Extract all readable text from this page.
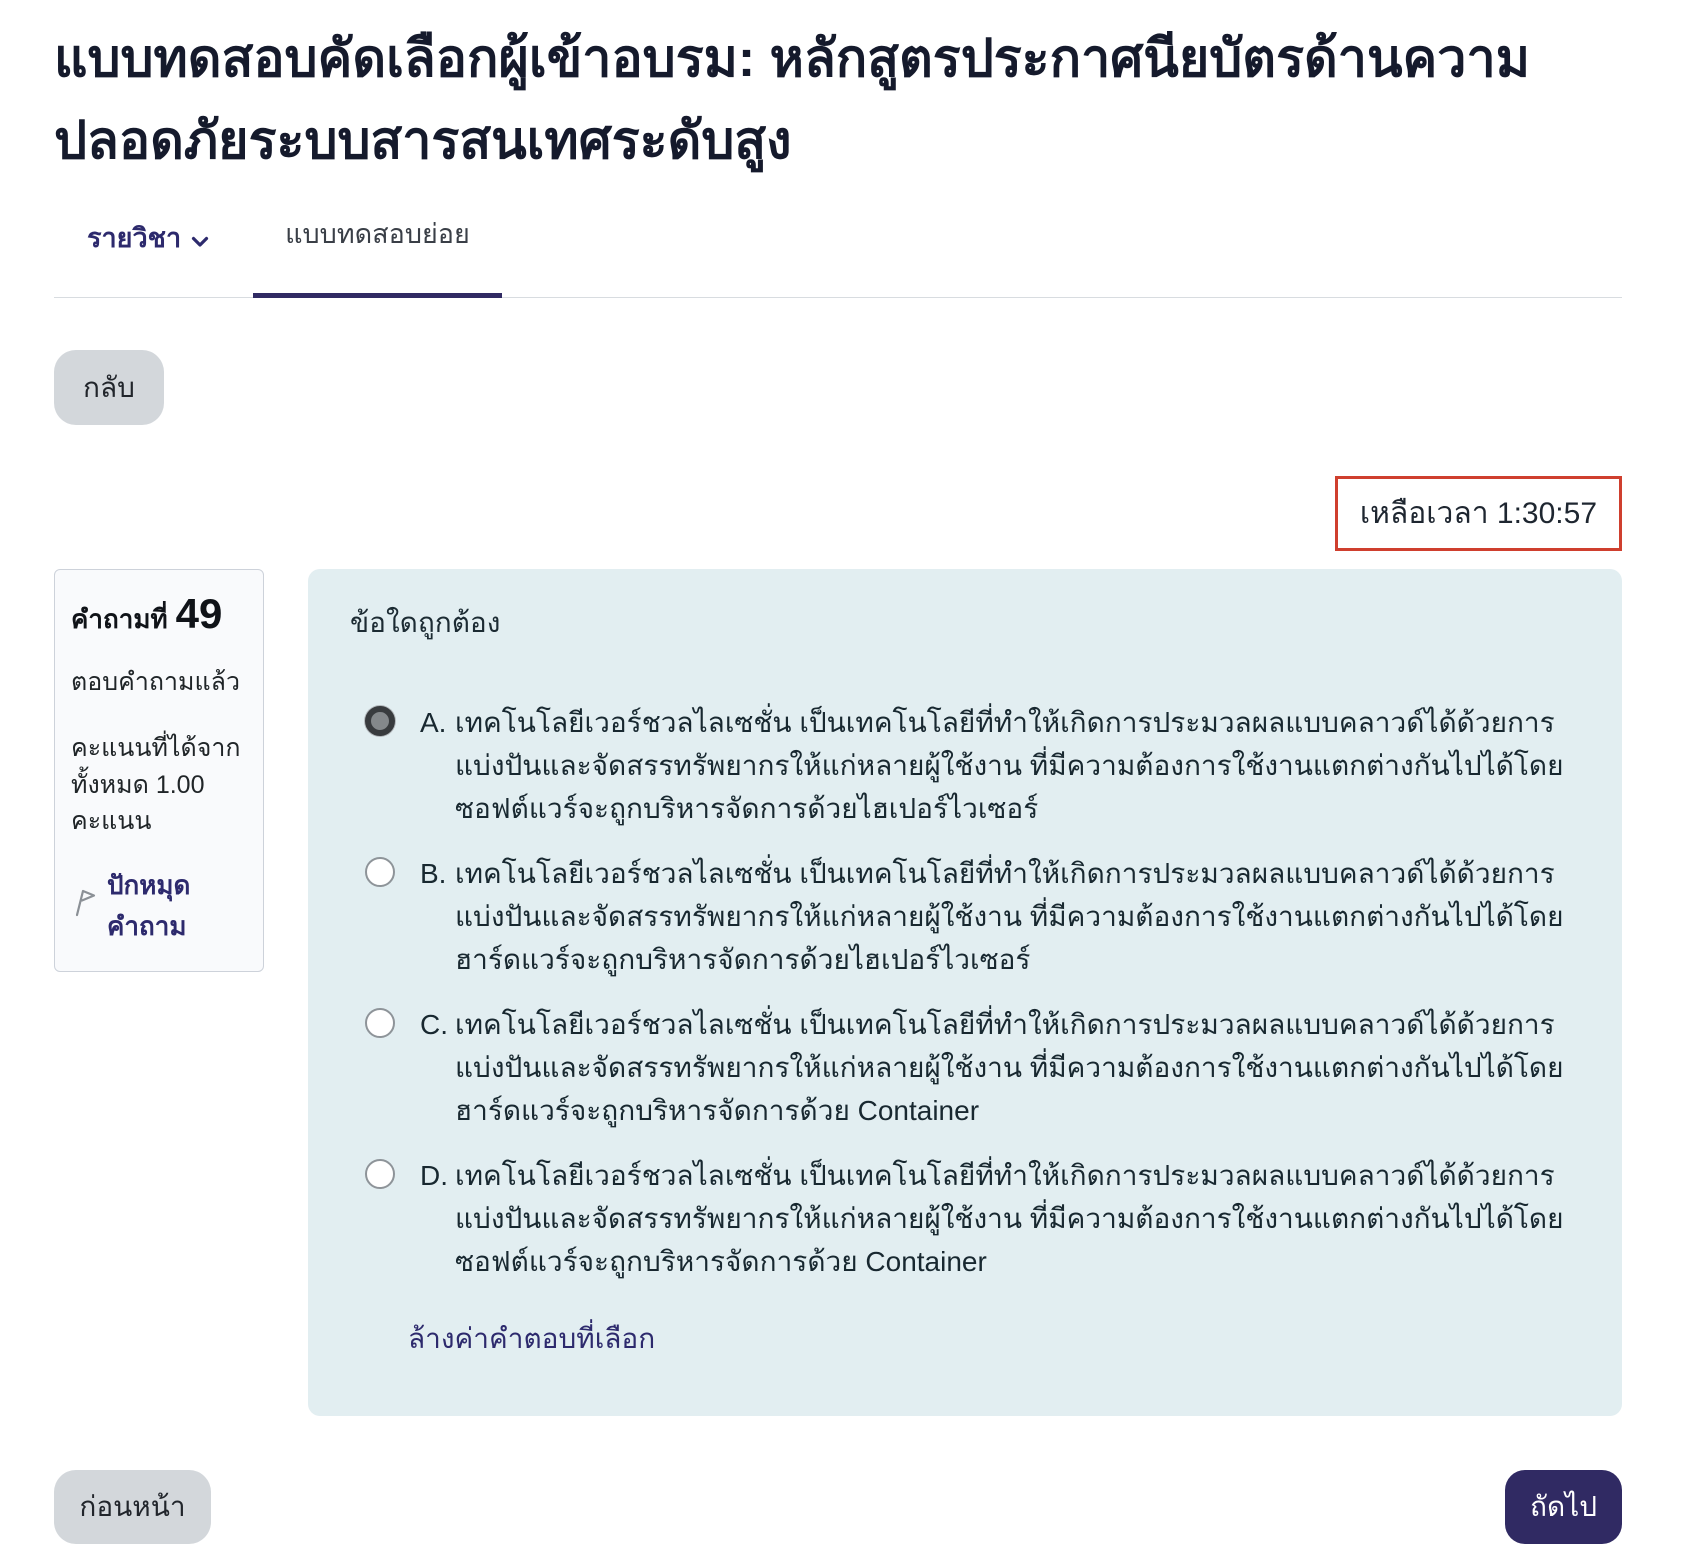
แบบทดสอบคัดเลือกผู้เข้าอบรม: หลักสูตรประกาศนียบัตรด้านความปลอดภัยระบบสารสนเทศระดับสูง
รายวิชา	แบบทดสอบย่อย
กลับ
เหลือเวลา 1:30:57
คำถามที่ 49
ตอบคำถามแล้ว
คะแนนที่ได้จากทั้งหมด 1.00 คะแนน
ปักหมุดคำถาม
ข้อใดถูกต้อง
A. เทคโนโลยีเวอร์ชวลไลเซชั่น เป็นเทคโนโลยีที่ทำให้เกิดการประมวลผลแบบคลาวด์ได้ด้วยการแบ่งปันและจัดสรรทรัพยากรให้แก่หลายผู้ใช้งาน ที่มีความต้องการใช้งานแตกต่างกันไปได้โดยซอฟต์แวร์จะถูกบริหารจัดการด้วยไฮเปอร์ไวเซอร์
B. เทคโนโลยีเวอร์ชวลไลเซชั่น เป็นเทคโนโลยีที่ทำให้เกิดการประมวลผลแบบคลาวด์ได้ด้วยการแบ่งปันและจัดสรรทรัพยากรให้แก่หลายผู้ใช้งาน ที่มีความต้องการใช้งานแตกต่างกันไปได้โดยฮาร์ดแวร์จะถูกบริหารจัดการด้วยไฮเปอร์ไวเซอร์
C. เทคโนโลยีเวอร์ชวลไลเซชั่น เป็นเทคโนโลยีที่ทำให้เกิดการประมวลผลแบบคลาวด์ได้ด้วยการแบ่งปันและจัดสรรทรัพยากรให้แก่หลายผู้ใช้งาน ที่มีความต้องการใช้งานแตกต่างกันไปได้โดยฮาร์ดแวร์จะถูกบริหารจัดการด้วย Container
D. เทคโนโลยีเวอร์ชวลไลเซชั่น เป็นเทคโนโลยีที่ทำให้เกิดการประมวลผลแบบคลาวด์ได้ด้วยการแบ่งปันและจัดสรรทรัพยากรให้แก่หลายผู้ใช้งาน ที่มีความต้องการใช้งานแตกต่างกันไปได้โดยซอฟต์แวร์จะถูกบริหารจัดการด้วย Container
ล้างค่าคำตอบที่เลือก
ก่อนหน้า	ถัดไป
